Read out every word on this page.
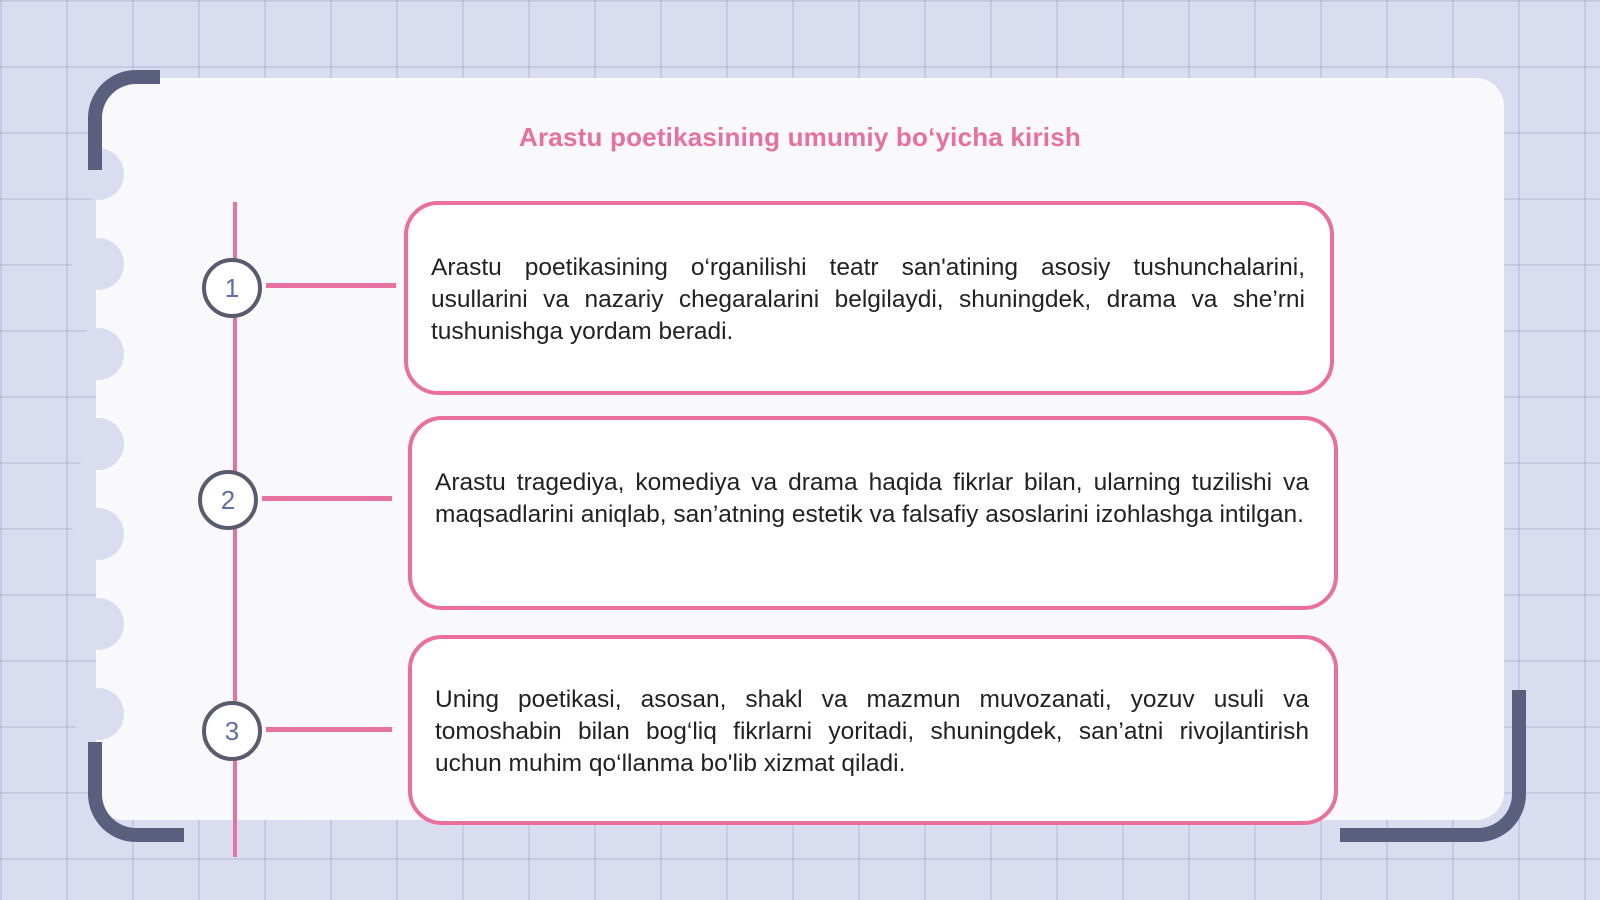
Arastu poetikasining umumiy boʻyicha kirish
1
Arastu poetikasining o‘rganilishi teatr san'atining asosiy tushunchalarini, usullarini va nazariy chegaralarini belgilaydi, shuningdek, drama va she’rni tushunishga yordam beradi.
2
Arastu tragediya, komediya va drama haqida fikrlar bilan, ularning tuzilishi va maqsadlarini aniqlab, san’atning estetik va falsafiy asoslarini izohlashga intilgan.
3
Uning poetikasi, asosan, shakl va mazmun muvozanati, yozuv usuli va tomoshabin bilan bog‘liq fikrlarni yoritadi, shuningdek, san’atni rivojlantirish uchun muhim qo‘llanma bo'lib xizmat qiladi.
